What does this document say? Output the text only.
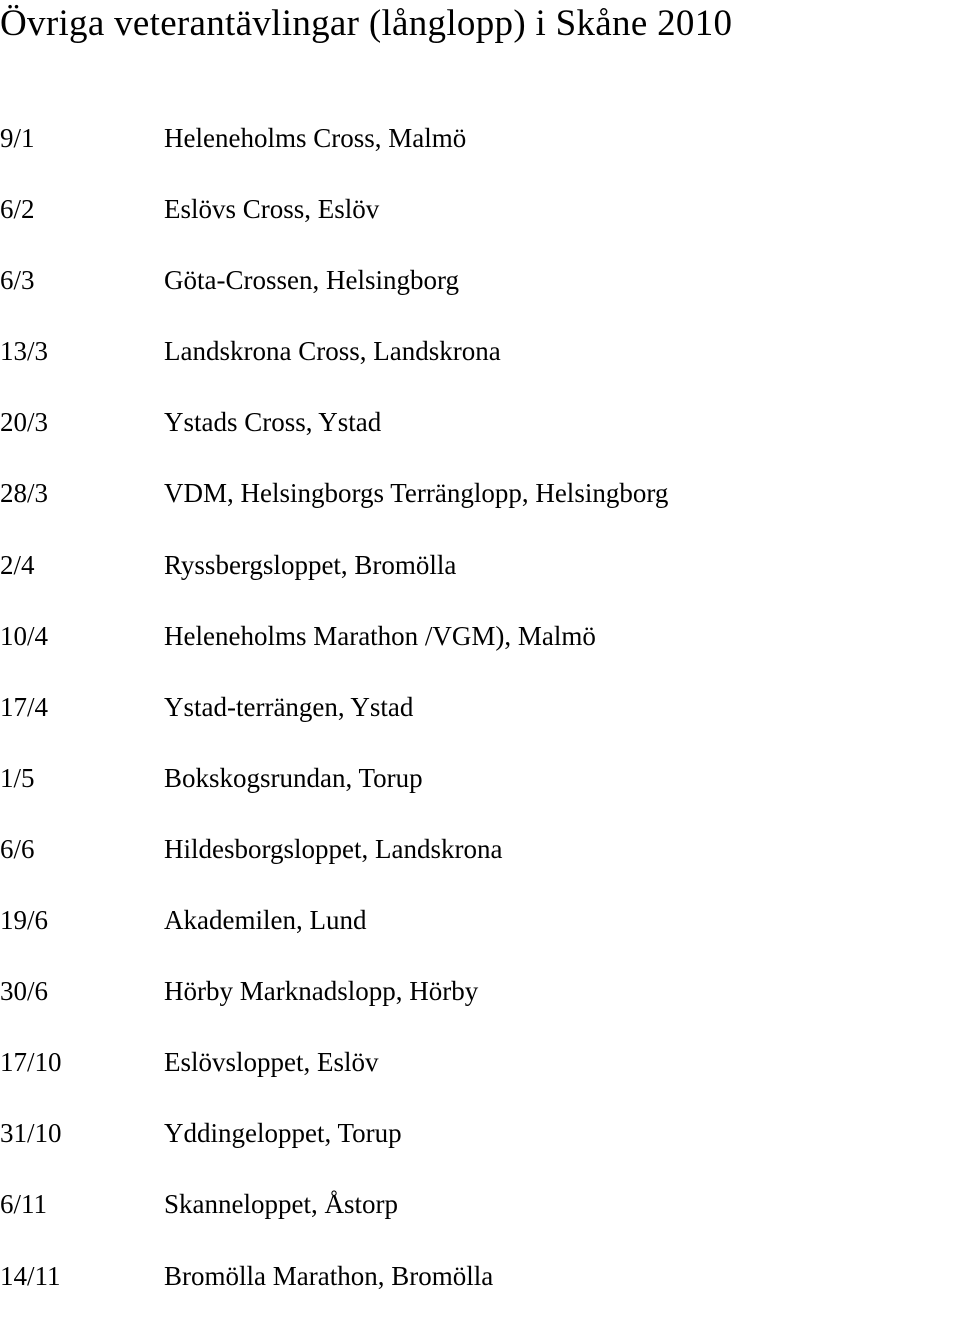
Övriga veterantävlingar (långlopp) i Skåne 2010
9/1	Heleneholms Cross, Malmö
6/2	Eslövs Cross, Eslöv
6/3	Göta-Crossen, Helsingborg
13/3	Landskrona Cross, Landskrona
20/3	Ystads Cross, Ystad
28/3	VDM, Helsingborgs Terränglopp, Helsingborg
2/4	Ryssbergsloppet, Bromölla
10/4	Heleneholms Marathon /VGM), Malmö
17/4	Ystad-terrängen, Ystad
1/5	Bokskogsrundan, Torup
6/6	Hildesborgsloppet, Landskrona
19/6	Akademilen, Lund
30/6	Hörby Marknadslopp, Hörby
17/10	Eslövsloppet, Eslöv
31/10	Yddingeloppet, Torup
6/11	Skanneloppet, Åstorp
14/11	Bromölla Marathon, Bromölla
